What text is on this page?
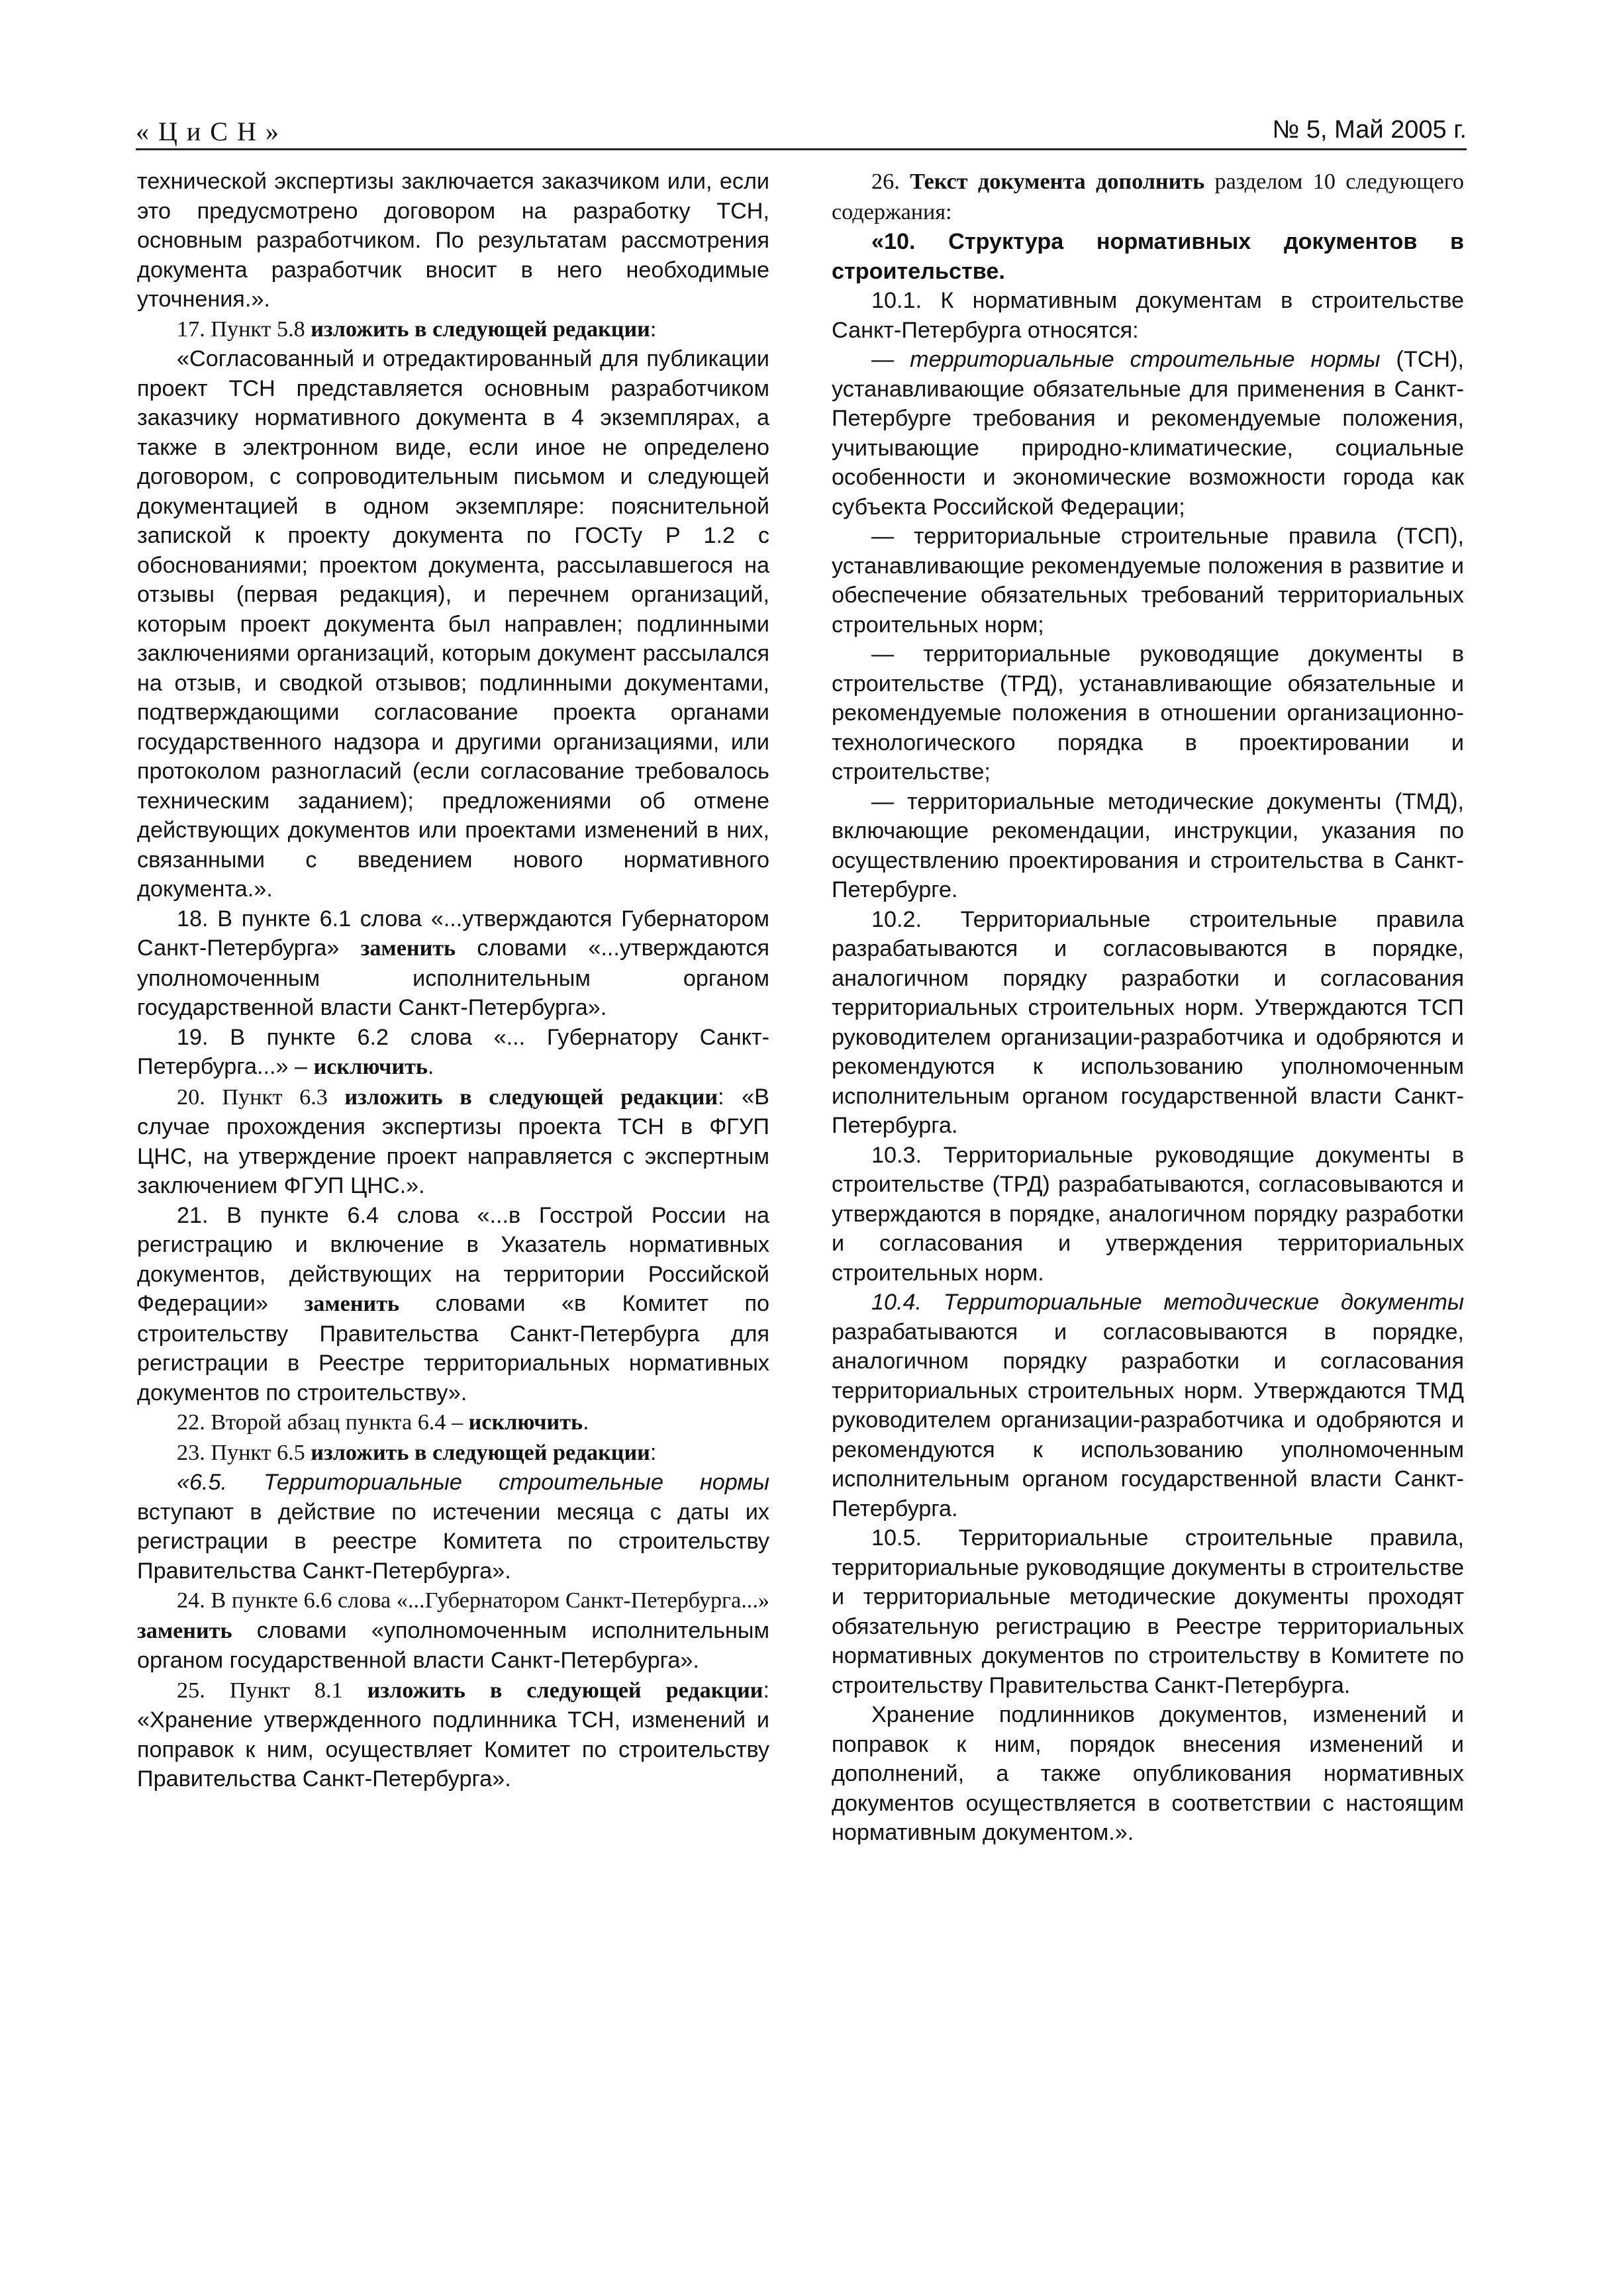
« Ц и С Н »	№ 5, Май 2005 г.

технической экспертизы заключается заказчиком или, если это предусмотрено договором на разработку ТСН, основным разработчиком. По результатам рассмотрения документа разработчик вносит в него необходимые уточнения.».

17. Пункт 5.8 изложить в следующей редакции:

«Согласованный и отредактированный для публикации проект ТСН представляется основным разработчиком заказчику нормативного документа в 4 экземплярах, а также в электронном виде, если иное не определено договором, с сопроводительным письмом и следующей документацией в одном экземпляре: пояснительной запиской к проекту документа по ГОСТу Р 1.2 с обоснованиями; проектом документа, рассылавшегося на отзывы (первая редакция), и перечнем организаций, которым проект документа был направлен; подлинными заключениями организаций, которым документ рассылался на отзыв, и сводкой отзывов; подлинными документами, подтверждающими согласование проекта органами государственного надзора и другими организациями, или протоколом разногласий (если согласование требовалось техническим заданием); предложениями об отмене действующих документов или проектами изменений в них, связанными с введением нового нормативного документа.».

18. В пункте 6.1 слова «...утверждаются Губернатором Санкт-Петербурга» заменить словами «...утверждаются уполномоченным исполнительным органом государственной власти Санкт-Петербурга».

19. В пункте 6.2 слова «... Губернатору Санкт-Петербурга...» – исключить.

20. Пункт 6.3 изложить в следующей редакции: «В случае прохождения экспертизы проекта ТСН в ФГУП ЦНС, на утверждение проект направляется с экспертным заключением ФГУП ЦНС.».

21. В пункте 6.4 слова «...в Госстрой России на регистрацию и включение в Указатель нормативных документов, действующих на территории Российской Федерации» заменить словами «в Комитет по строительству Правительства Санкт-Петербурга для регистрации в Реестре территориальных нормативных документов по строительству».

22. Второй абзац пункта 6.4 – исключить.

23. Пункт 6.5 изложить в следующей редакции:

«6.5. Территориальные строительные нормы вступают в действие по истечении месяца с даты их регистрации в реестре Комитета по строительству Правительства Санкт-Петербурга».

24. В пункте 6.6 слова «...Губернатором Санкт-Петербурга...» заменить словами «уполномоченным исполнительным органом государственной власти Санкт-Петербурга».

25. Пункт 8.1 изложить в следующей редакции: «Хранение утвержденного подлинника ТСН, изменений и поправок к ним, осуществляет Комитет по строительству Правительства Санкт-Петербурга».

26. Текст документа дополнить разделом 10 следующего содержания:

«10. Структура нормативных документов в строительстве.

10.1. К нормативным документам в строительстве Санкт-Петербурга относятся:

— территориальные строительные нормы (ТСН), устанавливающие обязательные для применения в Санкт-Петербурге требования и рекомендуемые положения, учитывающие природно-климатические, социальные особенности и экономические возможности города как субъекта Российской Федерации;

— территориальные строительные правила (ТСП), устанавливающие рекомендуемые положения в развитие и обеспечение обязательных требований территориальных строительных норм;

— территориальные руководящие документы в строительстве (ТРД), устанавливающие обязательные и рекомендуемые положения в отношении организационно-технологического порядка в проектировании и строительстве;

— территориальные методические документы (ТМД), включающие рекомендации, инструкции, указания по осуществлению проектирования и строительства в Санкт-Петербурге.

10.2. Территориальные строительные правила разрабатываются и согласовываются в порядке, аналогичном порядку разработки и согласования территориальных строительных норм. Утверждаются ТСП руководителем организации-разработчика и одобряются и рекомендуются к использованию уполномоченным исполнительным органом государственной власти Санкт-Петербурга.

10.3. Территориальные руководящие документы в строительстве (ТРД) разрабатываются, согласовываются и утверждаются в порядке, аналогичном порядку разработки и согласования и утверждения территориальных строительных норм.

10.4. Территориальные методические документы разрабатываются и согласовываются в порядке, аналогичном порядку разработки и согласования территориальных строительных норм. Утверждаются ТМД руководителем организации-разработчика и одобряются и рекомендуются к использованию уполномоченным исполнительным органом государственной власти Санкт-Петербурга.

10.5. Территориальные строительные правила, территориальные руководящие документы в строительстве и территориальные методические документы проходят обязательную регистрацию в Реестре территориальных нормативных документов по строительству в Комитете по строительству Правительства Санкт-Петербурга.

Хранение подлинников документов, изменений и поправок к ним, порядок внесения изменений и дополнений, а также опубликования нормативных документов осуществляется в соответствии с настоящим нормативным документом.».
